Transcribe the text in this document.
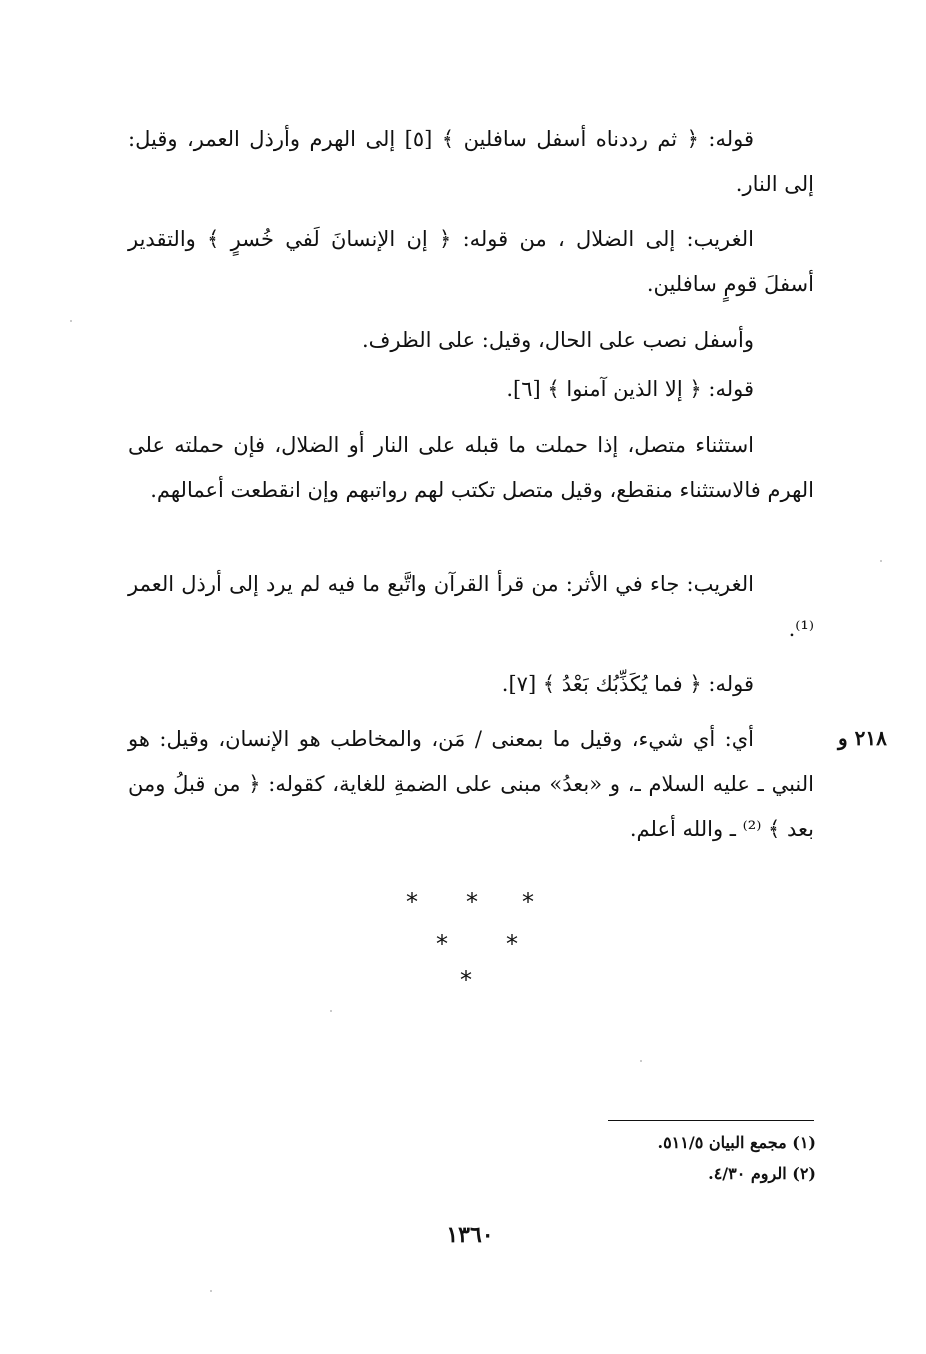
قوله: ﴿ ثم رددناه أسفل سافلين ﴾ [٥] إلى الهرم وأرذل العمر، وقيل: إلى النار.
الغريب: إلى الضلال ، من قوله: ﴿ إن الإنسانَ لَفي خُسرٍ ﴾ والتقدير أسفلَ قومٍ سافلين.
وأسفل نصب على الحال، وقيل: على الظرف.
قوله: ﴿ إلا الذين آمنوا ﴾ [٦].
استثناء متصل، إذا حملت ما قبله على النار أو الضلال، فإن حملته على الهرم فالاستثناء منقطع، وقيل متصل تكتب لهم رواتبهم وإن انقطعت أعمالهم.
الغريب: جاء في الأثر: من قرأ القرآن واتَّبع ما فيه لم يرد إلى أرذل العمر ⁽¹⁾.
قوله: ﴿ فما يُكَذِّبُك بَعْدُ ﴾ [٧].
أي: أي شيء، وقيل ما بمعنى / مَن، والمخاطب هو الإنسان، وقيل: هو النبي ـ عليه السلام ـ، و «بعدُ» مبنى على الضمةِ للغاية، كقوله: ﴿ من قبلُ ومن بعد ﴾ ⁽²⁾ ـ والله أعلم.
٢١٨ و
* * *
* *
*
(١) مجمع البيان ٥١١/٥.
(٢) الروم ٤/٣٠.
١٣٦٠
